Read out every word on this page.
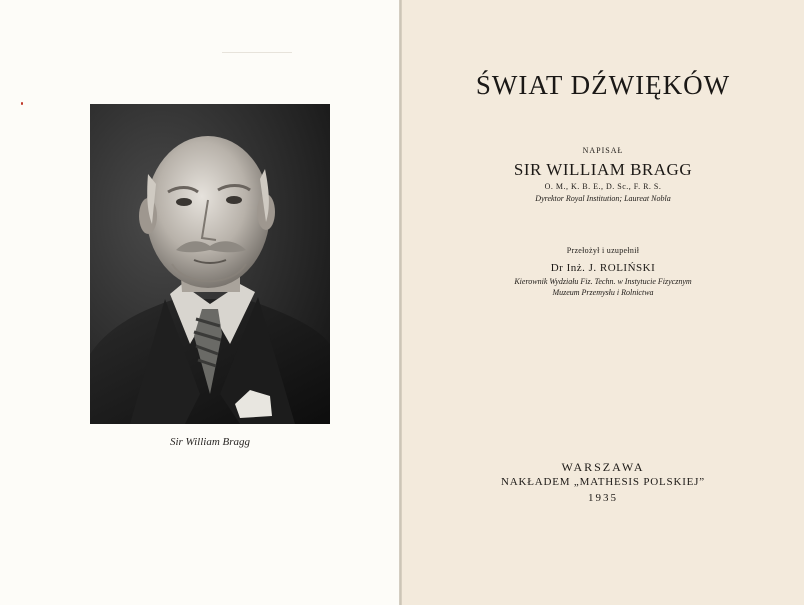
Sir William Bragg
ŚWIAT DŹWIĘKÓW
NAPISAŁ
SIR WILLIAM BRAGG
O. M., K. B. E., D. Sc., F. R. S.
Dyrektor Royal Institution; Laureat Nobla
Przełożył i uzupełnił
Dr Inż. J. ROLIŃSKI
Kierownik Wydziału Fiz. Techn. w Instytucie Fizycznym
Muzeum Przemysłu i Rolnictwa
WARSZAWA
NAKŁADEM „MATHESIS POLSKIEJ”
1935
